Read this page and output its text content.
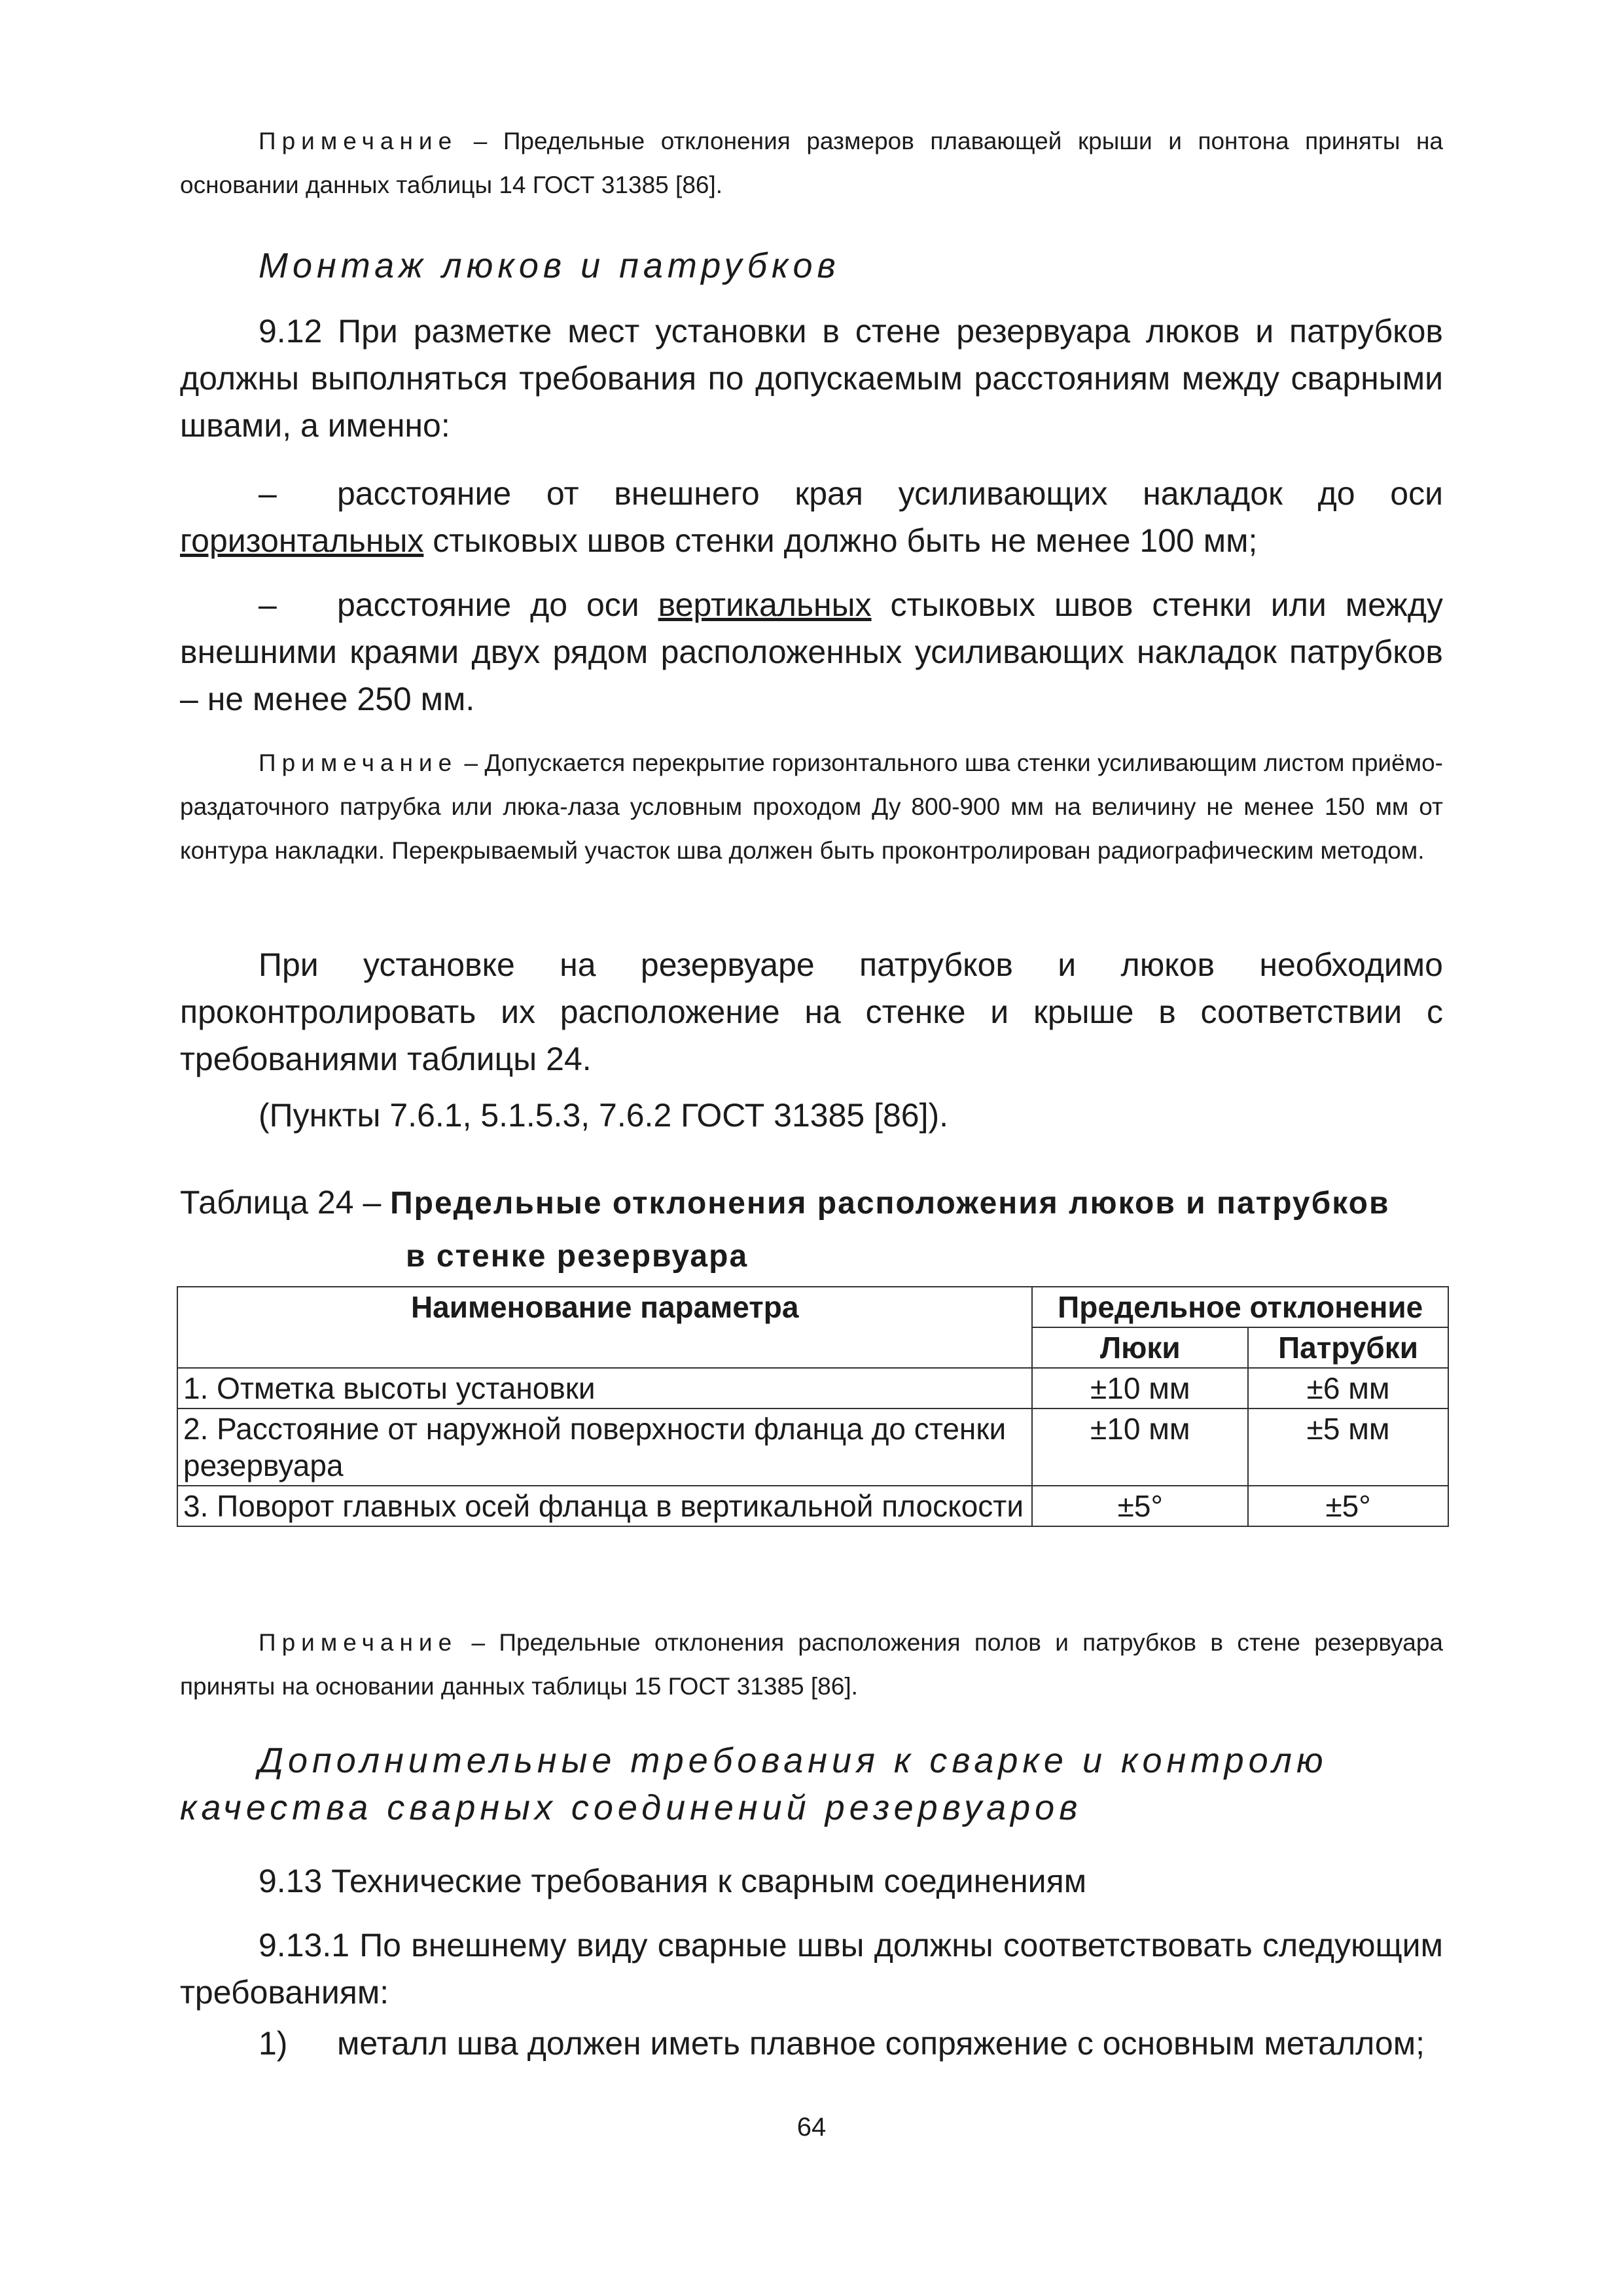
Примечание – Предельные отклонения размеров плавающей крыши и понтона приняты на основании данных таблицы 14 ГОСТ 31385 [86].

Монтаж люков и патрубков

9.12 При разметке мест установки в стене резервуара люков и патрубков должны выполняться требования по допускаемым расстояниям между сварными швами, а именно:

– расстояние от внешнего края усиливающих накладок до оси горизонтальных стыковых швов стенки должно быть не менее 100 мм;

– расстояние до оси вертикальных стыковых швов стенки или между внешними краями двух рядом расположенных усиливающих накладок патрубков – не менее 250 мм.

Примечание – Допускается перекрытие горизонтального шва стенки усиливающим листом приёмо-раздаточного патрубка или люка-лаза условным проходом Ду 800-900 мм на величину не менее 150 мм от контура накладки. Перекрываемый участок шва должен быть проконтролирован радиографическим методом.

При установке на резервуаре патрубков и люков необходимо проконтролировать их расположение на стенке и крыше в соответствии с требованиями таблицы 24.

(Пункты 7.6.1, 5.1.5.3, 7.6.2 ГОСТ 31385 [86]).

Таблица 24 – Предельные отклонения расположения люков и патрубков
в стенке резервуара
Наименование параметра	Предельное отклонение	
	Люки	Патрубки
1. Отметка высоты установки	±10 мм	±6 мм
2. Расстояние от наружной поверхности фланца до стенки резервуара	±10 мм	±5 мм
3. Поворот главных осей фланца в вертикальной плоскости	±5°	±5°

Примечание – Предельные отклонения расположения полов и патрубков в стене резервуара приняты на основании данных таблицы 15 ГОСТ 31385 [86].

Дополнительные требования к сварке и контролю качества сварных соединений резервуаров

9.13 Технические требования к сварным соединениям

9.13.1 По внешнему виду сварные швы должны соответствовать следующим требованиям:

1) металл шва должен иметь плавное сопряжение с основным металлом;

64
